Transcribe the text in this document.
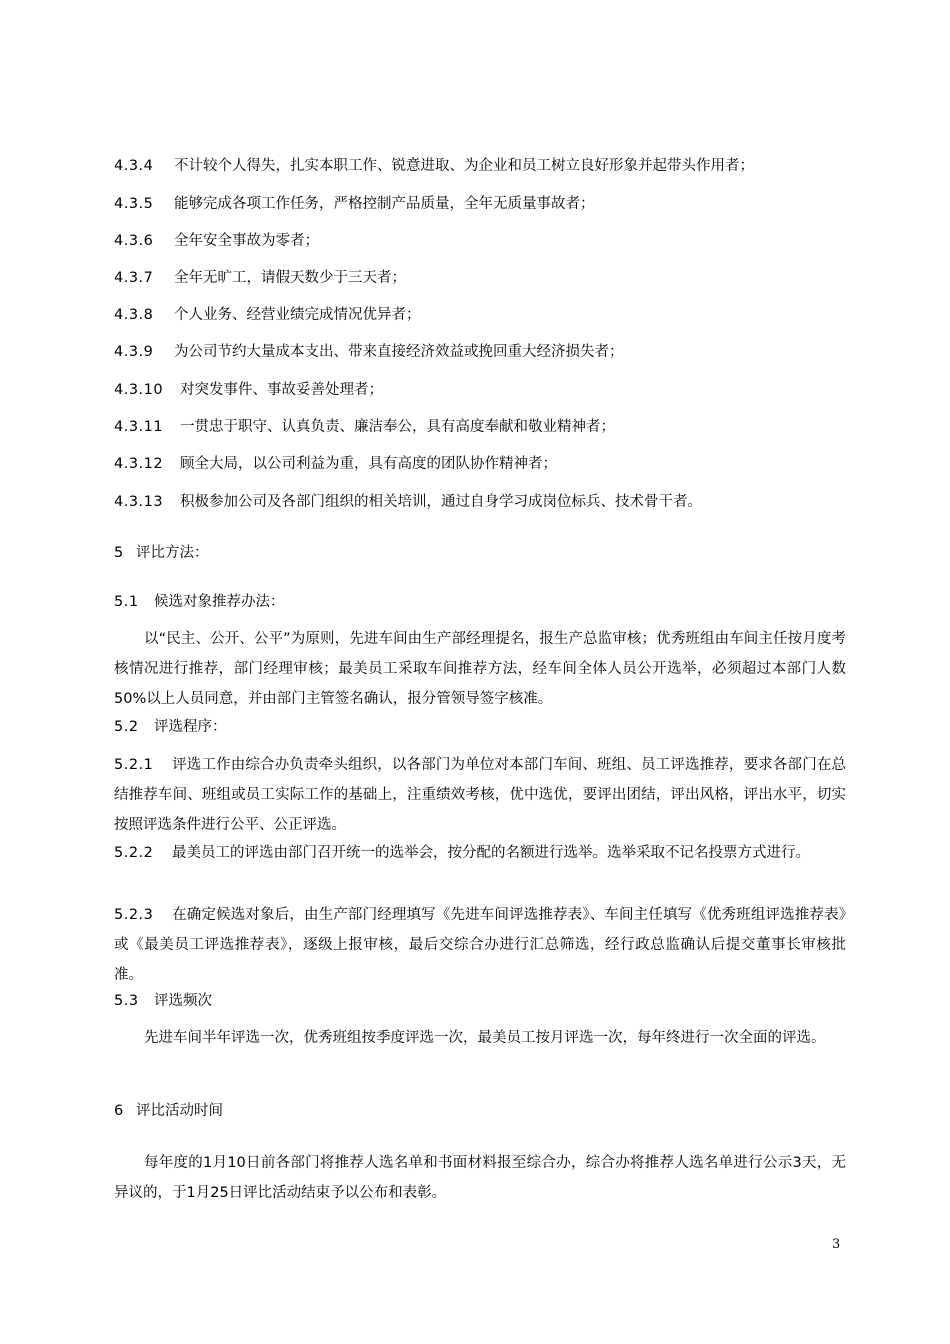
4.3.4 不计较个人得失，扎实本职工作、锐意进取、为企业和员工树立良好形象并起带头作用者；
4.3.5 能够完成各项工作任务，严格控制产品质量，全年无质量事故者；
4.3.6 全年安全事故为零者；
4.3.7 全年无旷工，请假天数少于三天者；
4.3.8 个人业务、经营业绩完成情况优异者；
4.3.9 为公司节约大量成本支出、带来直接经济效益或挽回重大经济损失者；
4.3.10 对突发事件、事故妥善处理者；
4.3.11 一贯忠于职守、认真负责、廉洁奉公，具有高度奉献和敬业精神者；
4.3.12 顾全大局，以公司利益为重，具有高度的团队协作精神者；
4.3.13 积极参加公司及各部门组织的相关培训，通过自身学习成岗位标兵、技术骨干者。
5 评比方法：
5.1 候选对象推荐办法：
以“民主、公开、公平”为原则，先进车间由生产部经理提名，报生产总监审核；优秀班组由车间主任按月度考核情况进行推荐，部门经理审核；最美员工采取车间推荐方法，经车间全体人员公开选举，必须超过本部门人数50%以上人员同意，并由部门主管签名确认，报分管领导签字核准。
5.2 评选程序：
5.2.1 评选工作由综合办负责牵头组织，以各部门为单位对本部门车间、班组、员工评选推荐，要求各部门在总结推荐车间、班组或员工实际工作的基础上，注重绩效考核，优中选优，要评出团结，评出风格，评出水平，切实按照评选条件进行公平、公正评选。
5.2.2 最美员工的评选由部门召开统一的选举会，按分配的名额进行选举。选举采取不记名投票方式进行。
5.2.3 在确定候选对象后，由生产部门经理填写《先进车间评选推荐表》、车间主任填写《优秀班组评选推荐表》或《最美员工评选推荐表》，逐级上报审核，最后交综合办进行汇总筛选，经行政总监确认后提交董事长审核批准。
5.3 评选频次
先进车间半年评选一次，优秀班组按季度评选一次，最美员工按月评选一次，每年终进行一次全面的评选。
6 评比活动时间
每年度的1月10日前各部门将推荐人选名单和书面材料报至综合办，综合办将推荐人选名单进行公示3天，无异议的，于1月25日评比活动结束予以公布和表彰。
3
